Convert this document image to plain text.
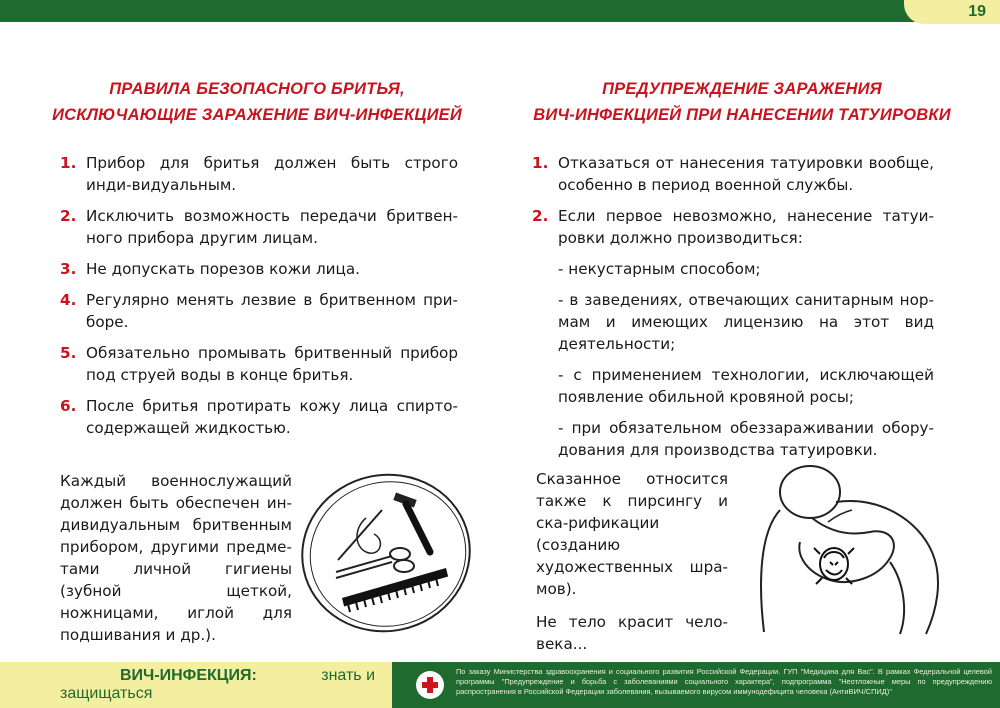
19
ПРАВИЛА БЕЗОПАСНОГО БРИТЬЯ,
ИСКЛЮЧАЮЩИЕ ЗАРАЖЕНИЕ ВИЧ-ИНФЕКЦИЕЙ
1. Прибор для бритья должен быть строго инди-видуальным.
2. Исключить возможность передачи бритвен-ного прибора другим лицам.
3. Не допускать порезов кожи лица.
4. Регулярно менять лезвие в бритвенном при-боре.
5. Обязательно промывать бритвенный прибор под струей воды в конце бритья.
6. После бритья протирать кожу лица спирто-содержащей жидкостью.

Каждый военнослужащий должен быть обеспечен ин-дивидуальным бритвенным прибором, другими предме-тами личной гигиены (зубной щеткой, ножницами, иглой для подшивания и др.).

ПРЕДУПРЕЖДЕНИЕ ЗАРАЖЕНИЯ
ВИЧ-ИНФЕКЦИЕЙ ПРИ НАНЕСЕНИИ ТАТУИРОВКИ
1. Отказаться от нанесения татуировки вообще, особенно в период военной службы.
2. Если первое невозможно, нанесение татуи-ровки должно производиться:
- некустарным способом;
- в заведениях, отвечающих санитарным нор-мам и имеющих лицензию на этот вид деятельности;
- с применением технологии, исключающей появление обильной кровяной росы;
- при обязательном обеззараживании обору-дования для производства татуировки.

Сказанное относится также к пирсингу и ска-рификации (созданию художественных шра-мов).

Не тело красит чело-века...

ВИЧ-ИНФЕКЦИЯ:	знать и защищаться
По заказу Министерства здравоохранения и социального развития Российской Федерации. ГУП "Медицина для Вас". В рамках Федеральной целевой программы "Предупреждение и борьба с заболеваниями социального характера", подпрограмма "Неотложные меры по предупреждению распространения в Российской Федерации заболевания, вызываемого вирусом иммунодефицита человека (АнтиВИЧ/СПИД)"
